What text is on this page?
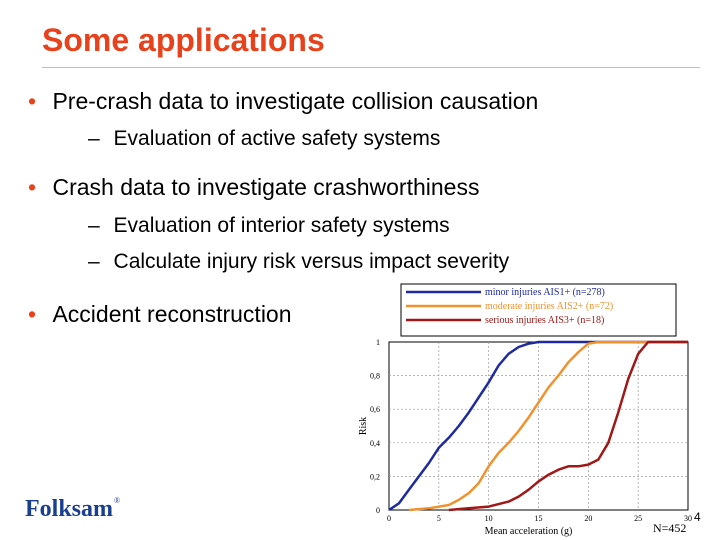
Some applications
• Pre-crash data to investigate collision causation
– Evaluation of active safety systems
• Crash data to investigate crashworthiness
– Evaluation of interior safety systems
– Calculate injury risk versus impact severity
• Accident reconstruction
0	5	10	15	20	25	30
0
0,2
0,4
0,6
0,8
1
Mean acceleration (g)
Risk
minor injuries AIS1+ (n=278)
moderate injuries AIS2+ (n=72)
serious injuries AIS3+ (n=18)
N=452
Folksam®
4
